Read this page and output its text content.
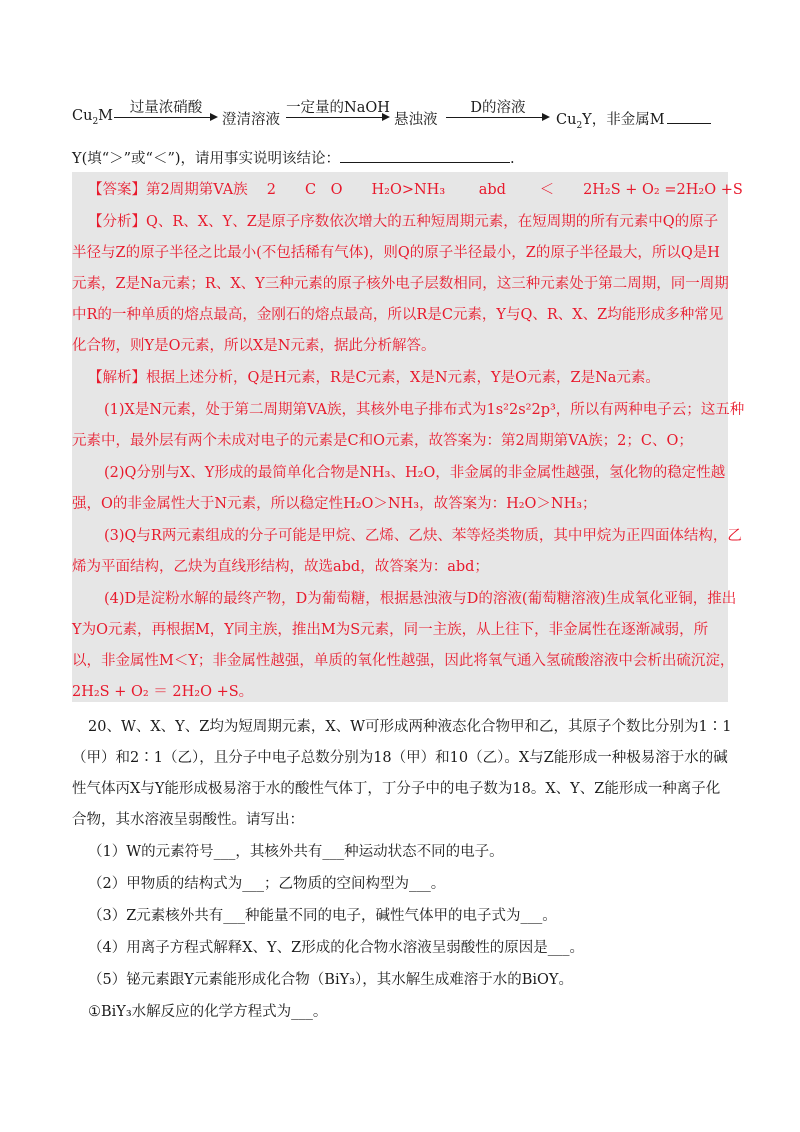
$Cu_2M$	过量浓硝酸
澄清溶液
一定量的NaOH
悬浊液
D的溶液
$Cu_2Y$，非金属M
Y(填“＞”或“＜”)，请用事实说明该结论：	.
【答案】第2周期第VA族　 2　　C　O　　H₂O>NH₃　　 abd　　 ＜　　2H₂S + O₂ =2H₂O +S
【分析】Q、R、X、Y、Z是原子序数依次增大的五种短周期元素，在短周期的所有元素中Q的原子
半径与Z的原子半径之比最小(不包括稀有气体)，则Q的原子半径最小，Z的原子半径最大，所以Q是H
元素，Z是Na元素；R、X、Y三种元素的原子核外电子层数相同，这三种元素处于第二周期，同一周期
中R的一种单质的熔点最高，金刚石的熔点最高，所以R是C元素，Y与Q、R、X、Z均能形成多种常见
化合物，则Y是O元素，所以X是N元素，据此分析解答。
【解析】根据上述分析，Q是H元素，R是C元素，X是N元素，Y是O元素，Z是Na元素。
(1)X是N元素，处于第二周期第VA族，其核外电子排布式为1s²2s²2p³，所以有两种电子云；这五种
元素中，最外层有两个未成对电子的元素是C和O元素，故答案为：第2周期第VA族；2；C、O；
(2)Q分别与X、Y形成的最简单化合物是NH₃、H₂O，非金属的非金属性越强，氢化物的稳定性越
强，O的非金属性大于N元素，所以稳定性H₂O＞NH₃，故答案为：H₂O＞NH₃；
(3)Q与R两元素组成的分子可能是甲烷、乙烯、乙炔、苯等烃类物质，其中甲烷为正四面体结构，乙
烯为平面结构，乙炔为直线形结构，故选abd，故答案为：abd；
(4)D是淀粉水解的最终产物，D为葡萄糖，根据悬浊液与D的溶液(葡萄糖溶液)生成氧化亚铜，推出
Y为O元素，再根据M，Y同主族，推出M为S元素，同一主族，从上往下，非金属性在逐渐减弱，所
以，非金属性M＜Y；非金属性越强，单质的氧化性越强，因此将氧气通入氢硫酸溶液中会析出硫沉淀，
2H₂S + O₂ ＝ 2H₂O +S。
20、W、X、Y、Z均为短周期元素，X、W可形成两种液态化合物甲和乙，其原子个数比分别为1∶1
（甲）和2∶1（乙），且分子中电子总数分别为18（甲）和10（乙）。X与Z能形成一种极易溶于水的碱
性气体丙X与Y能形成极易溶于水的酸性气体丁，丁分子中的电子数为18。X、Y、Z能形成一种离子化
合物，其水溶液呈弱酸性。请写出：
（1）W的元素符号___，其核外共有___种运动状态不同的电子。
（2）甲物质的结构式为___；乙物质的空间构型为___。
（3）Z元素核外共有___种能量不同的电子，碱性气体甲的电子式为___。
（4）用离子方程式解释X、Y、Z形成的化合物水溶液呈弱酸性的原因是___。
（5）铋元素跟Y元素能形成化合物（BiY₃），其水解生成难溶于水的BiOY。
①BiY₃水解反应的化学方程式为___。
